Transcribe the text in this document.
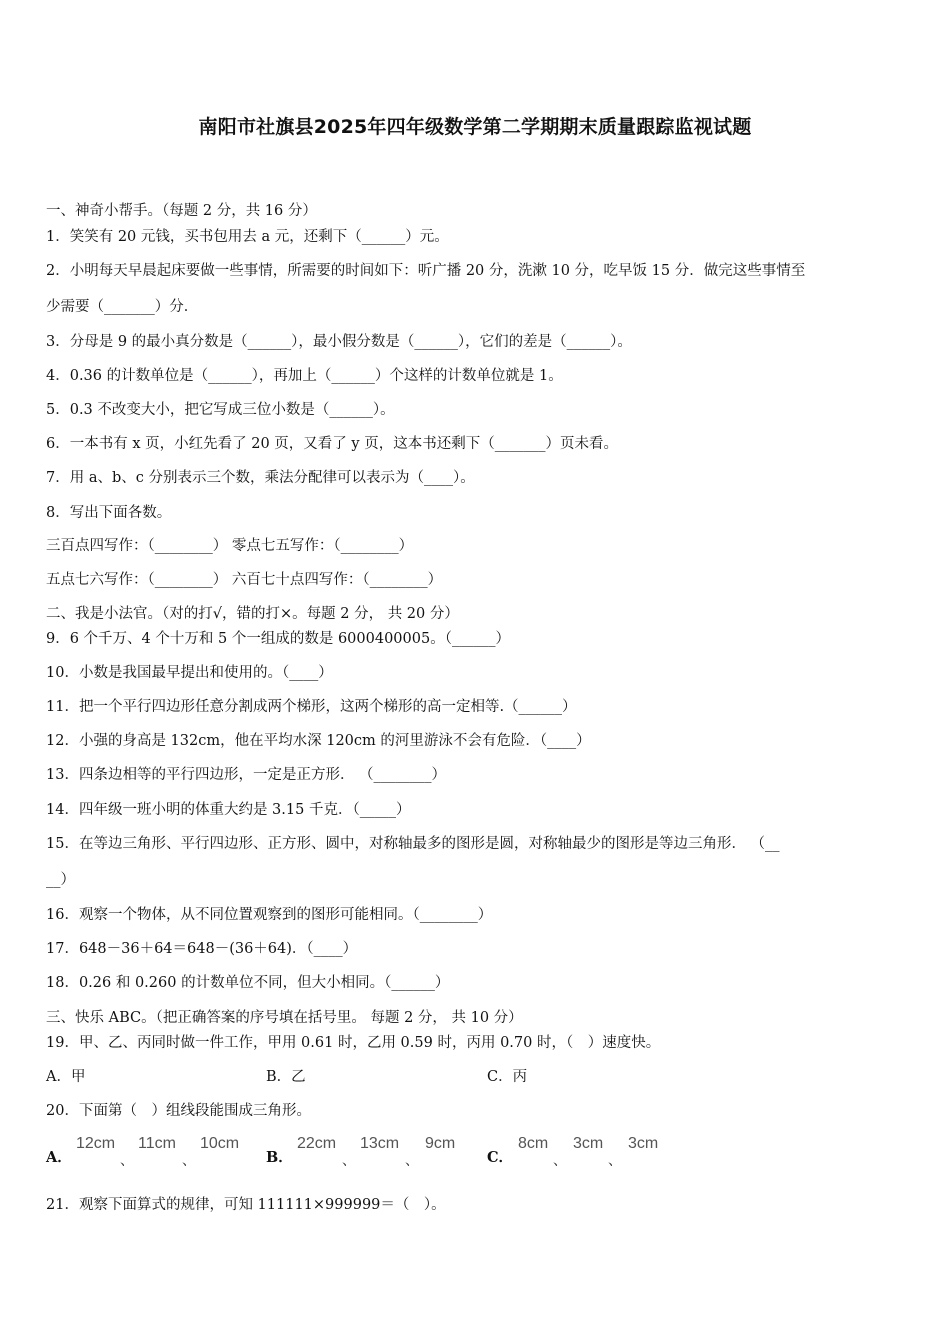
南阳市社旗县2025年四年级数学第二学期期末质量跟踪监视试题
一、神奇小帮手。（每题 2 分，共 16 分）
1．笑笑有 20 元钱，买书包用去 a 元，还剩下（______）元。
2．小明每天早晨起床要做一些事情，所需要的时间如下：听广播 20 分，洗漱 10 分，吃早饭 15 分．做完这些事情至
少需要（_______）分．
3．分母是 9 的最小真分数是（______），最小假分数是（______），它们的差是（______）。
4．0.36 的计数单位是（______），再加上（______）个这样的计数单位就是 1。
5．0.3 不改变大小，把它写成三位小数是（______）。
6．一本书有 x 页，小红先看了 20 页，又看了 y 页，这本书还剩下（_______）页未看。
7．用 a、b、c 分别表示三个数，乘法分配律可以表示为（____）。
8．写出下面各数。
三百点四写作：（________） 零点七五写作：（________）
五点七六写作：（________） 六百七十点四写作：（________）
二、我是小法官。（对的打√，错的打×。每题 2 分， 共 20 分）
9．6 个千万、4 个十万和 5 个一组成的数是 6000400005。（______）
10．小数是我国最早提出和使用的。（____）
11．把一个平行四边形任意分割成两个梯形，这两个梯形的高一定相等.（______）
12．小强的身高是 132cm，他在平均水深 120cm 的河里游泳不会有危险．（____）
13．四条边相等的平行四边形，一定是正方形． （________）
14．四年级一班小明的体重大约是 3.15 千克．（_____）
15．在等边三角形、平行四边形、正方形、圆中，对称轴最多的图形是圆，对称轴最少的图形是等边三角形． （__
__）
16．观察一个物体，从不同位置观察到的图形可能相同。（________）
17．648－36＋64＝648－(36＋64)．（____）
18．0.26 和 0.260 的计数单位不同，但大小相同。（______）
三、快乐 ABC。（把正确答案的序号填在括号里。 每题 2 分， 共 10 分）
19．甲、乙、丙同时做一件工作，甲用 0.61 时，乙用 0.59 时，丙用 0.70 时，（　）速度快。
A．甲	B．乙	C．丙
20．下面第（　）组线段能围成三角形。
A．
12cm
、
11cm
、
10cm
B．
22cm
、
13cm
、
9cm
C．
8cm
、
3cm
、
3cm
21．观察下面算式的规律，可知 111111×999999＝（　）。
